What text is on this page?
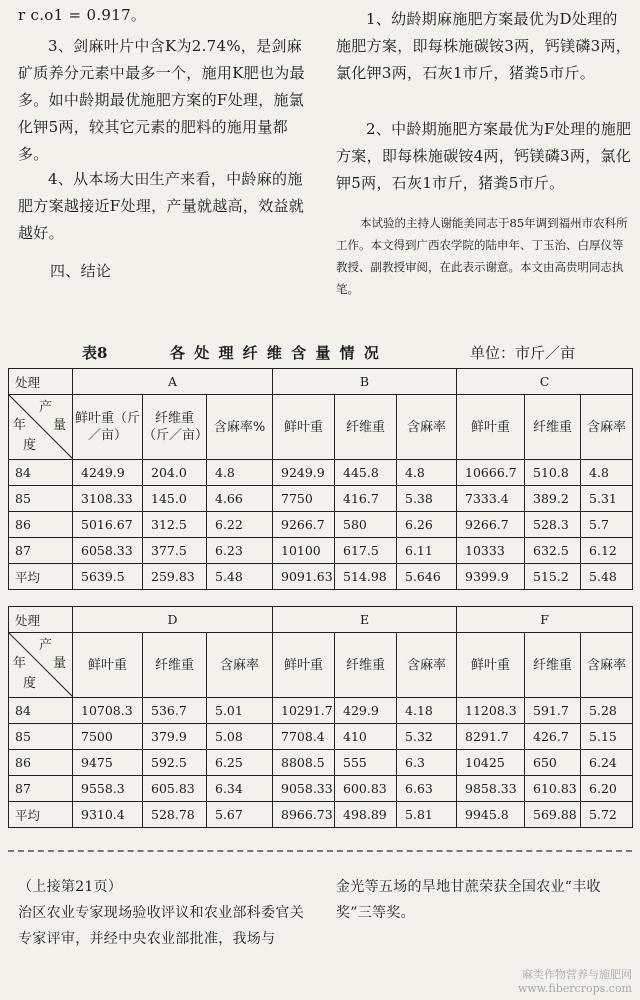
r c.o1 = 0.917。
3、剑麻叶片中含K为2.74%，是剑麻矿质养分元素中最多一个，施用K肥也为最多。如中龄期最优施肥方案的F处理，施氯化钾5两，较其它元素的肥料的施用量都多。
4、从本场大田生产来看，中龄麻的施肥方案越接近F处理，产量就越高，效益就越好。
四、结论
1、幼龄期麻施肥方案最优为D处理的施肥方案，即每株施碳铵3两，钙镁磷3两，氯化钾3两，石灰1市斤，猪粪5市斤。
2、中龄期施肥方案最优为F处理的施肥方案，即每株施碳铵4两，钙镁磷3两，氯化钾5两，石灰1市斤，猪粪5市斤。
本试验的主持人谢能美同志于85年调到福州市农科所工作。本文得到广西农学院的陆申年、丁玉治、白厚仪等教授、副教授审阅，在此表示谢意。本文由高贵明同志执笔。
表8	各 处 理 纤 维 含 量 情 况	单位：市斤／亩
处理	A			B			C		

产
量
年
度	鲜叶重（斤／亩）	纤维重（斤／亩）	含麻率%	鲜叶重	纤维重	含麻率	鲜叶重	纤维重	含麻率
84	4249.9	204.0	4.8	9249.9	445.8	4.8	10666.7	510.8	4.8
85	3108.33	145.0	4.66	7750	416.7	5.38	7333.4	389.2	5.31
86	5016.67	312.5	6.22	9266.7	580	6.26	9266.7	528.3	5.7
87	6058.33	377.5	6.23	10100	617.5	6.11	10333	632.5	6.12
平均	5639.5	259.83	5.48	9091.63	514.98	5.646	9399.9	515.2	5.48
处理	D			E			F		

产
量
年
度	鲜叶重	纤维重	含麻率	鲜叶重	纤维重	含麻率	鲜叶重	纤维重	含麻率
84	10708.3	536.7	5.01	10291.7	429.9	4.18	11208.3	591.7	5.28
85	7500	379.9	5.08	7708.4	410	5.32	8291.7	426.7	5.15
86	9475	592.5	6.25	8808.5	555	6.3	10425	650	6.24
87	9558.3	605.83	6.34	9058.33	600.83	6.63	9858.33	610.83	6.20
平均	9310.4	528.78	5.67	8966.73	498.89	5.81	9945.8	569.88	5.72
（上接第21页）
治区农业专家现场验收评议和农业部科委官关专家评审，并经中央农业部批准，我场与
金光等五场的旱地甘蔗荣获全国农业“丰收奖”三等奖。
麻类作物营养与施肥网
www.fibercrops.com
